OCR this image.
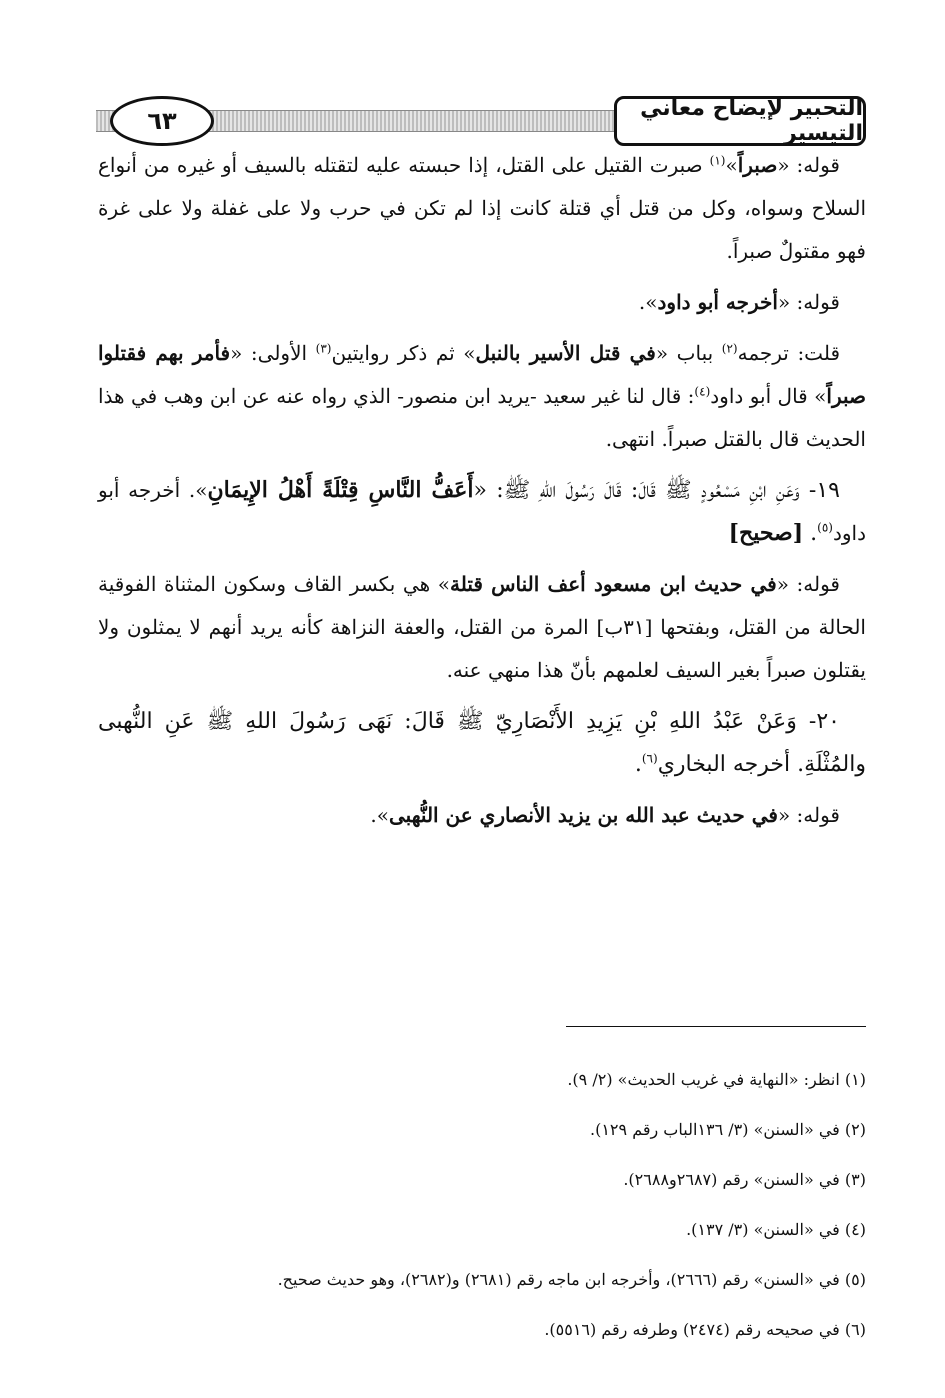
٦٣	التحبير لإيضاح معاني التيسير

قوله: «صبراً»$^{(١)}$ صبرت القتيل على القتل، إذا حبسته عليه لتقتله بالسيف أو غيره من أنواع السلاح وسواه، وكل من قتل أي قتلة كانت إذا لم تكن في حرب ولا على غفلة ولا على غرة فهو مقتولٌ صبراً.

قوله: «أخرجه أبو داود».

قلت: ترجمه$^{(٢)}$ بباب «في قتل الأسير بالنبل» ثم ذكر روايتين$^{(٣)}$ الأولى: «فأمر بهم فقتلوا صبراً» قال أبو داود$^{(٤)}$: قال لنا غير سعيد -يريد ابن منصور- الذي رواه عنه عن ابن وهب في هذا الحديث قال بالقتل صبراً. انتهى.

١٩- وَعَنِ ابْنِ مَسْعُودٍ ﷺ قَالَ: قَالَ رَسُولَ اللهِ ﷺ: «أَعَفُّ النَّاسِ قِتْلَةً أَهْلُ الإِيمَانِ». أخرجه أبو داود$^{(٥)}$. [صحيح]

قوله: «في حديث ابن مسعود أعف الناس قتلة» هي بكسر القاف وسكون المثناة الفوقية الحالة من القتل، وبفتحها [٣١ب] المرة من القتل، والعفة النزاهة كأنه يريد أنهم لا يمثلون ولا يقتلون صبراً بغير السيف لعلمهم بأنّ هذا منهي عنه.

٢٠- وَعَنْ عَبْدُ اللهِ بْنِ يَزِيدِ الأَنْصَارِيّ ﷺ قَالَ: نَهَى رَسُولَ اللهِ ﷺ عَنِ النُّهبى والمُثْلَةِ. أخرجه البخاري$^{(٦)}$.

قوله: «في حديث عبد الله بن يزيد الأنصاري عن النُّهبى».

(١) انظر: «النهاية في غريب الحديث» (٢/ ٩).
(٢) في «السنن» (٣/ ١٣٦الباب رقم ١٢٩).
(٣) في «السنن» رقم (٢٦٨٧و٢٦٨٨).
(٤) في «السنن» (٣/ ١٣٧).
(٥) في «السنن» رقم (٢٦٦٦)، وأخرجه ابن ماجه رقم (٢٦٨١) و(٢٦٨٢)، وهو حديث صحيح.
(٦) في صحيحه رقم (٢٤٧٤) وطرفه رقم (٥٥١٦).
